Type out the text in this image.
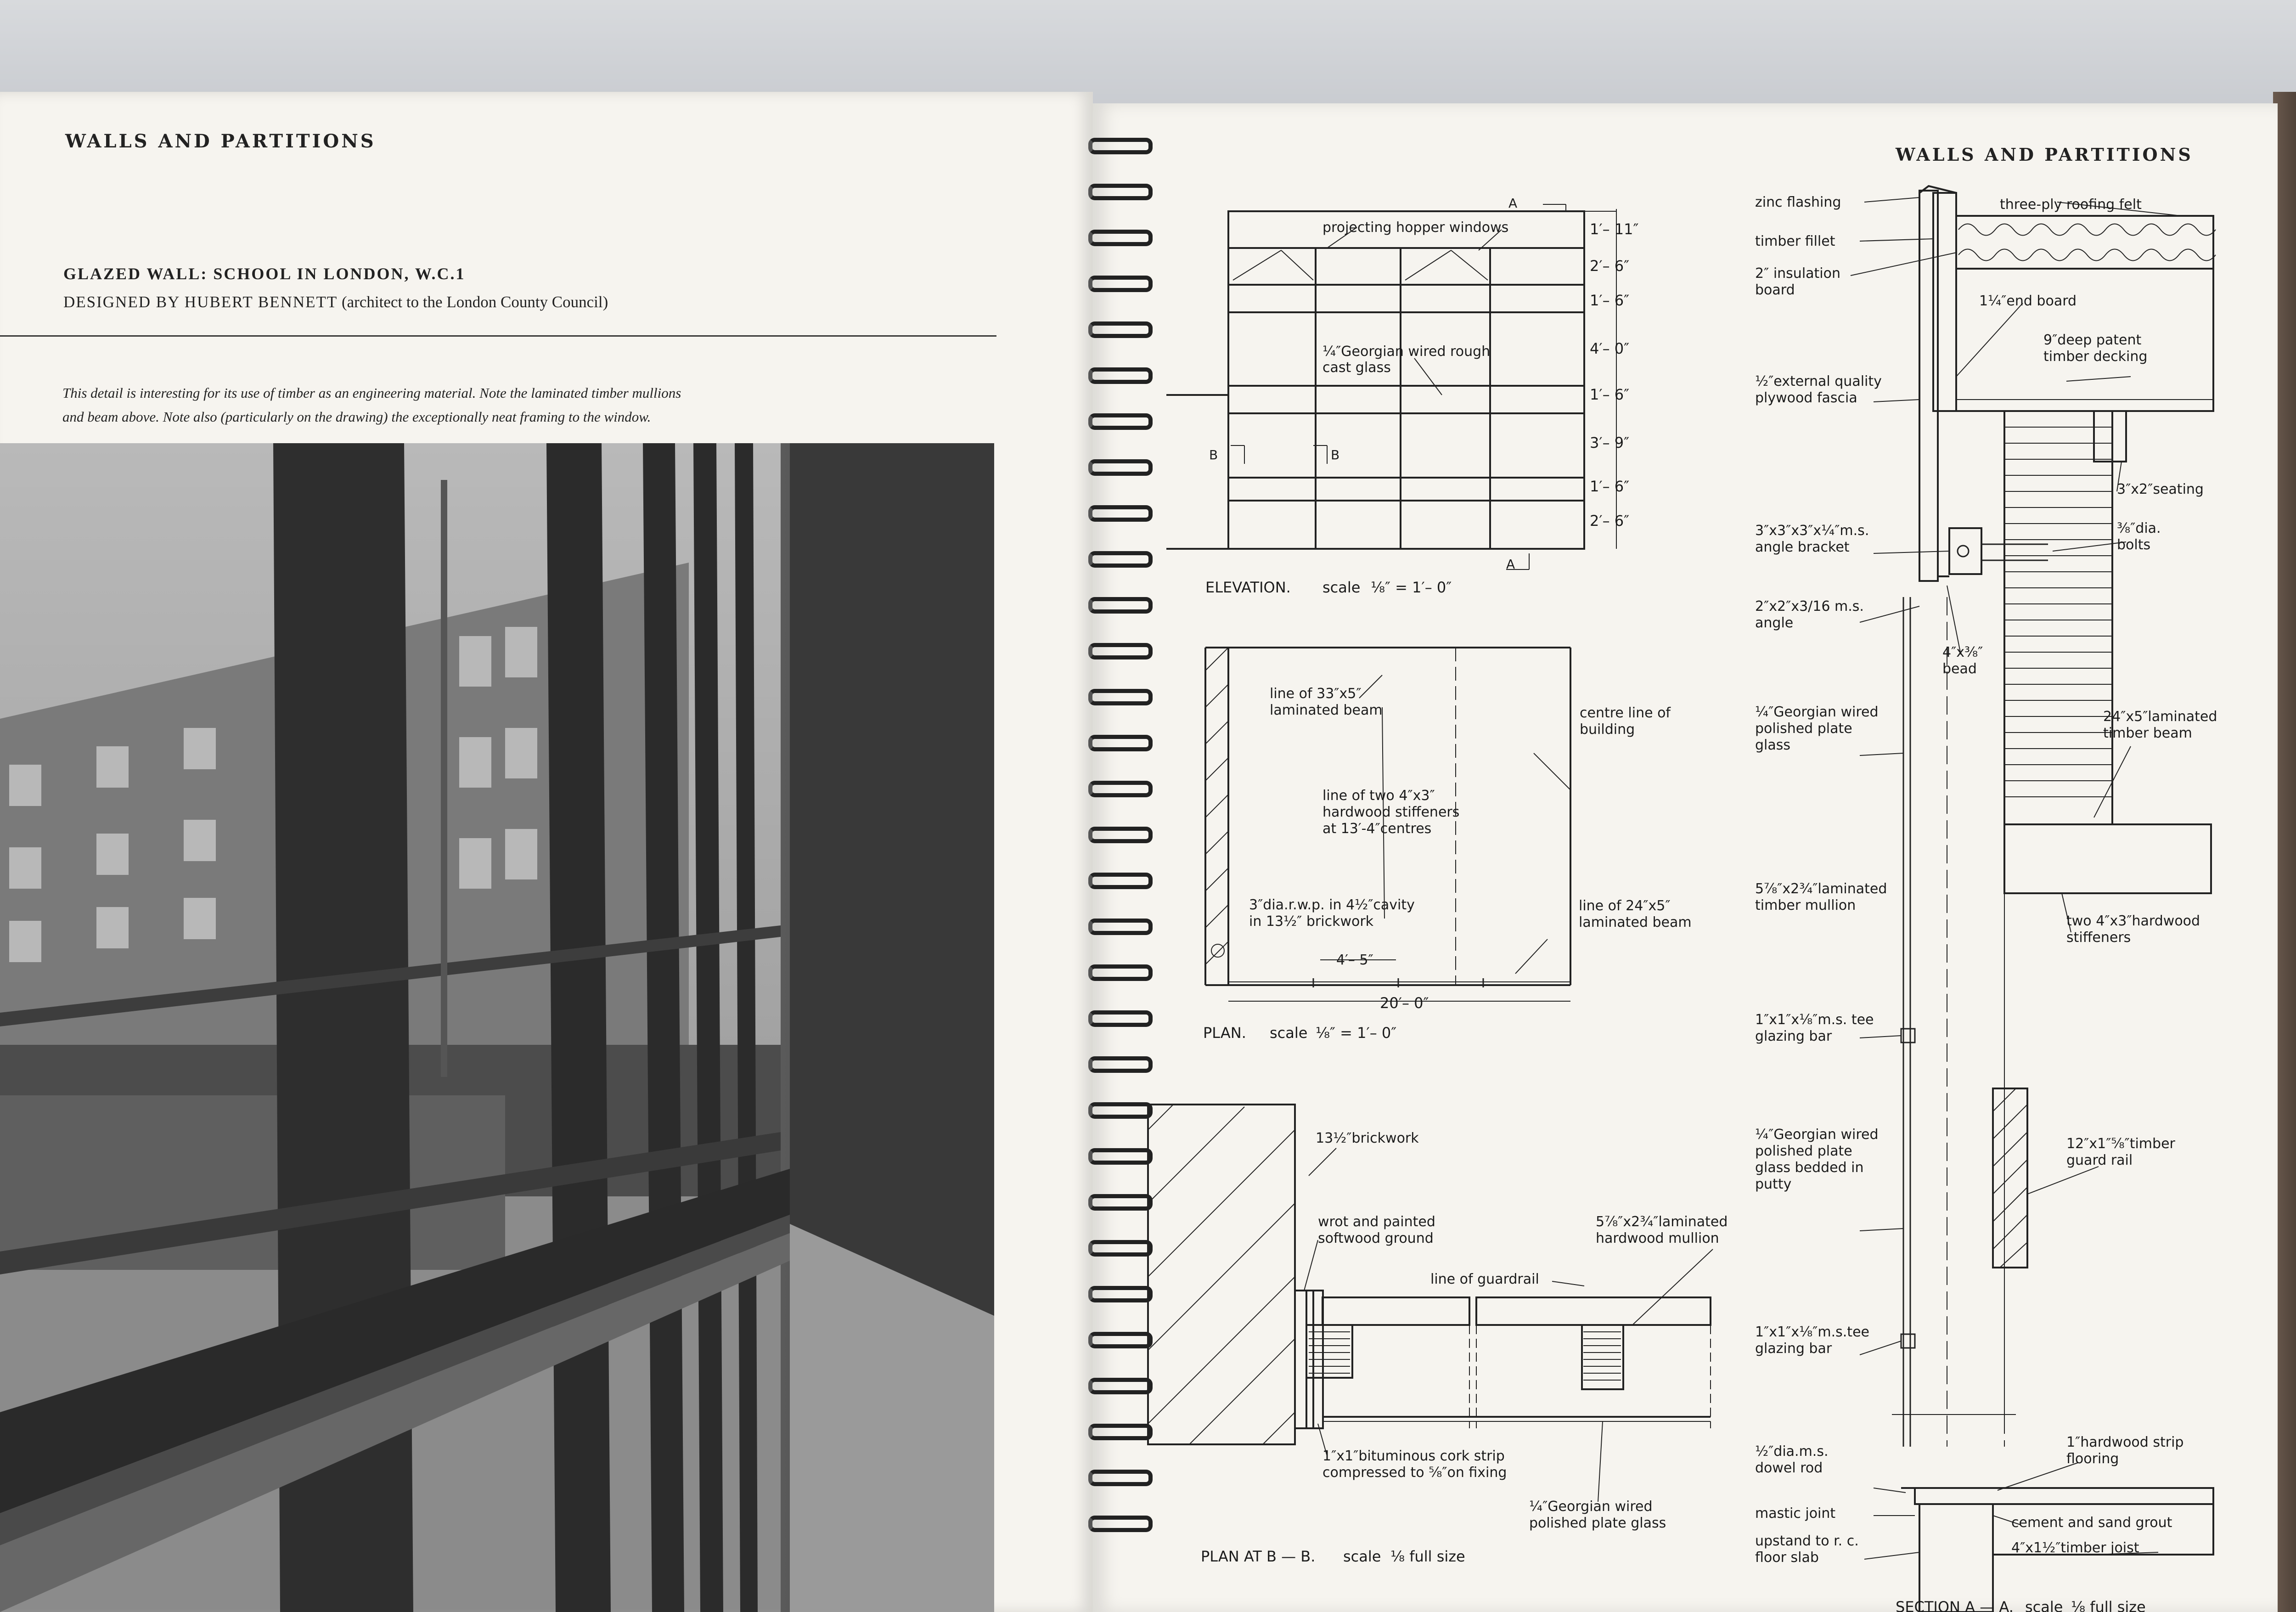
WALLS AND PARTITIONS
GLAZED WALL: SCHOOL IN LONDON, W.C.1
DESIGNED BY HUBERT BENNETT (architect to the London County Council)
This detail is interesting for its use of timber as an engineering material. Note the laminated timber mullions
and beam above. Note also (particularly on the drawing) the exceptionally neat framing to the window.
WALLS AND PARTITIONS
projecting hopper windows
¼″Georgian wired rough
cast glass
A
A
B	B
1′– 11″
2′– 6″
1′– 6″
4′– 0″
1′– 6″
3′– 9″
1′– 6″
2′– 6″
ELEVATION. scale ⅛″ = 1′– 0″
line of 33″x5″
laminated beam
line of two 4″x3″
hardwood stiffeners
at 13′-4″centres
centre line of
building
3″dia.r.w.p. in 4½″cavity
in 13½″ brickwork
line of 24″x5″
laminated beam
4′– 5″
20′– 0″
PLAN. scale ⅛″ = 1′– 0″
13½″brickwork
wrot and painted
softwood ground
5⅞″x2¾″laminated
hardwood mullion
line of guardrail
1″x1″bituminous cork strip
compressed to ⅝″on fixing
¼″Georgian wired
polished plate glass
PLAN AT B — B. scale ⅛ full size
zinc flashing
timber fillet
2″ insulation
board
½″external quality
plywood fascia
3″x3″x3″x¼″m.s.
angle bracket
2″x2″x3/16 m.s.
angle
¼″Georgian wired
polished plate
glass
5⅞″x2¾″laminated
timber mullion
1″x1″x⅛″m.s. tee
glazing bar
¼″Georgian wired
polished plate
glass bedded in
putty
1″x1″x⅛″m.s.tee
glazing bar
½″dia.m.s.
dowel rod
mastic joint
upstand to r. c.
floor slab
three-ply roofing felt
1¼″end board
9″deep patent
timber decking
3″x2″seating
⅜″dia.
bolts
4″x⅜″
bead
24″x5″laminated
timber beam
two 4″x3″hardwood
stiffeners
12″x1″⅝″timber
guard rail
1″hardwood strip
flooring
cement and sand grout
4″x1½″timber joist
SECTION A — A. scale ⅛ full size
